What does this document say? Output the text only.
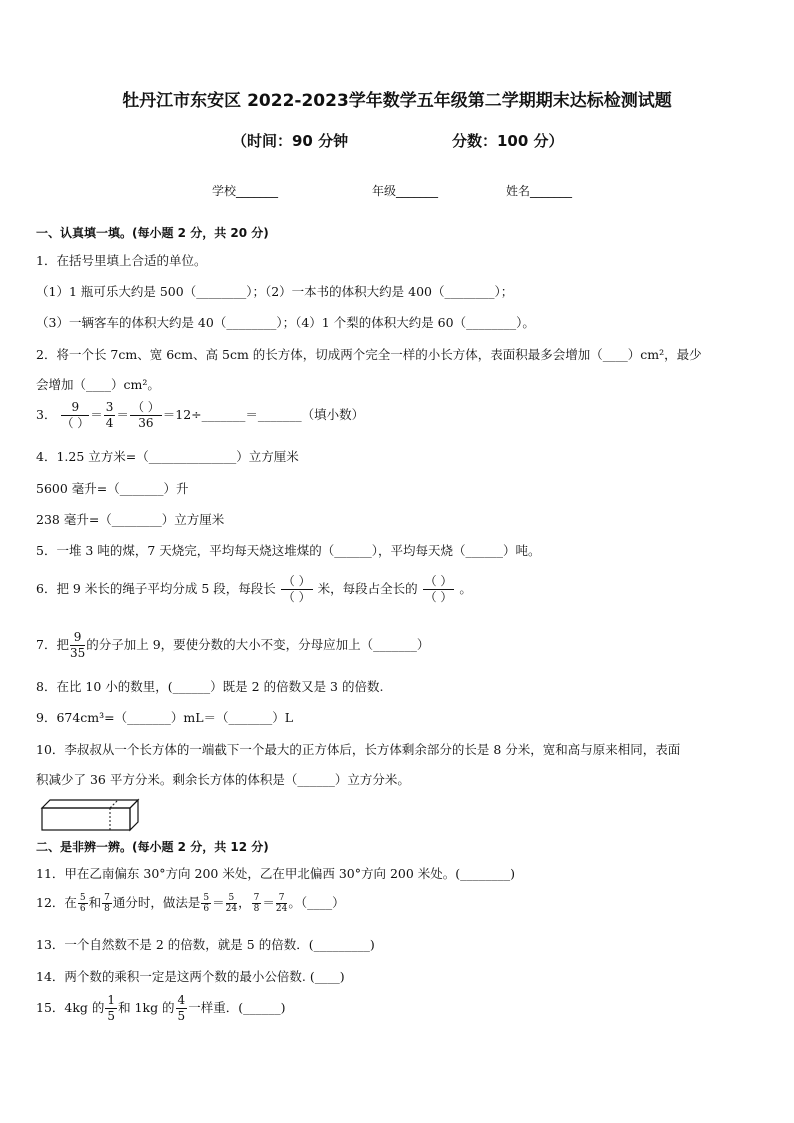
牡丹江市东安区 2022-2023学年数学五年级第二学期期末达标检测试题
（时间：90 分钟	分数：100 分）
学校_______	年级_______	姓名_______
一、认真填一填。(每小题 2 分，共 20 分)
1．在括号里填上合适的单位。
（1）1 瓶可乐大约是 500（________）；（2）一本书的体积大约是 400（________）；
（3）一辆客车的体积大约是 40（________）；（4）1 个梨的体积大约是 60（________）。
2．将一个长 7cm、宽 6cm、高 5cm 的长方体，切成两个完全一样的小长方体，表面积最多会增加（____）cm²，最少
会增加（____）cm²。
3． $\frac{9}{( )} = \frac{3}{4} = \frac{( )}{36}$ ＝12÷_______＝_______（填小数）
4．1.25 立方米=（______________）立方厘米
5600 毫升=（_______）升
238 毫升=（________）立方厘米
5．一堆 3 吨的煤，7 天烧完，平均每天烧这堆煤的（______），平均每天烧（______）吨。
6．把 9 米长的绳子平均分成 5 段，每段长 $\frac{( )}{( )}$ 米，每段占全长的 $\frac{( )}{( )}$ 。
7．把 $\frac{9}{35}$ 的分子加上 9，要使分数的大小不变，分母应加上（_______）
8．在比 10 小的数里，(______）既是 2 的倍数又是 3 的倍数.
9．674cm³=（_______）mL＝（_______）L
10．李叔叔从一个长方体的一端截下一个最大的正方体后，长方体剩余部分的长是 8 分米，宽和高与原来相同，表面
积减少了 36 平方分米。剩余长方体的体积是（______）立方分米。
二、是非辨一辨。(每小题 2 分，共 12 分)
11．甲在乙南偏东 30°方向 200 米处，乙在甲北偏西 30°方向 200 米处。(________)
12．在 $\frac{5}{6}$ 和 $\frac{7}{8}$ 通分时，做法是 $\frac{5}{6} = \frac{5}{24}$ ， $\frac{7}{8} = \frac{7}{24}$ 。（____）
13．一个自然数不是 2 的倍数，就是 5 的倍数．(_________)
14．两个数的乘积一定是这两个数的最小公倍数. (____)
15．4kg 的 $\frac{1}{5}$ 和 1kg 的 $\frac{4}{5}$ 一样重．(______)
